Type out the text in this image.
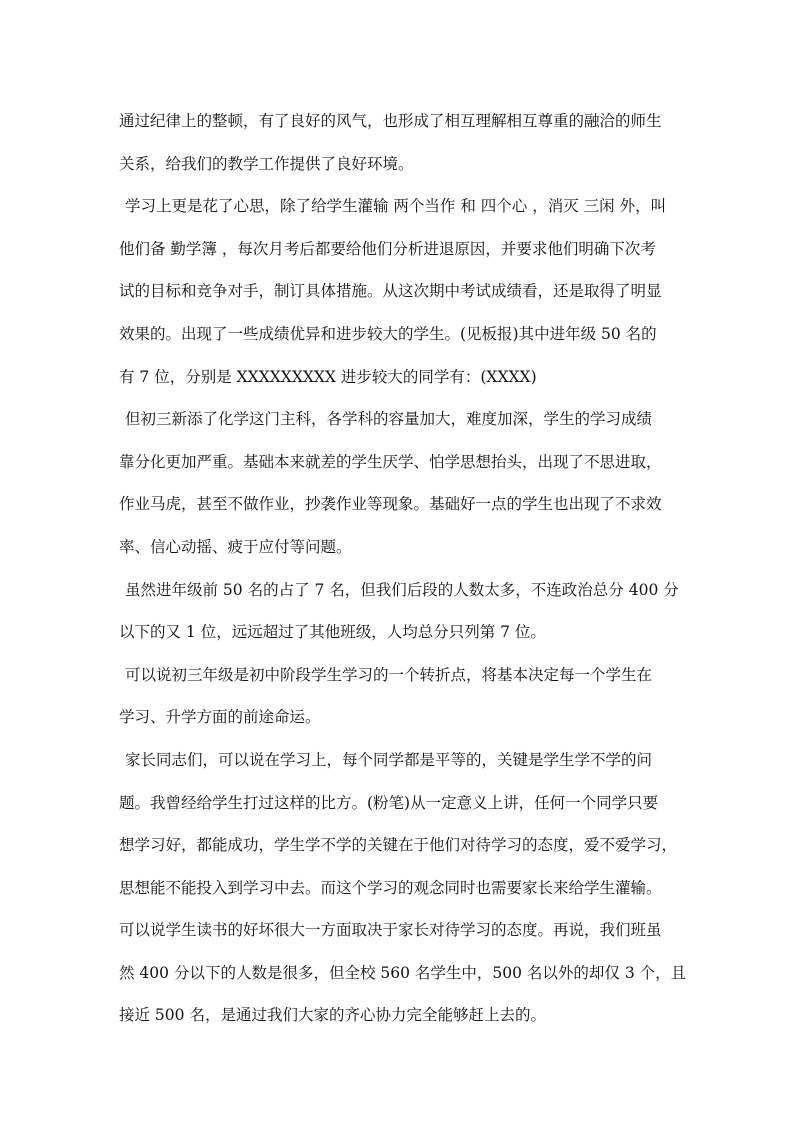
通过纪律上的整顿，有了良好的风气，也形成了相互理解相互尊重的融洽的师生
关系，给我们的教学工作提供了良好环境。
学习上更是花了心思，除了给学生灌输 两个当作 和 四个心 ，消灭 三闲 外，叫
他们备 勤学簿 ，每次月考后都要给他们分析进退原因，并要求他们明确下次考
试的目标和竞争对手，制订具体措施。从这次期中考试成绩看，还是取得了明显
效果的。出现了一些成绩优异和进步较大的学生。(见板报)其中进年级 50 名的
有 7 位，分别是 XXXXXXXXX 进步较大的同学有：(XXXX)
但初三新添了化学这门主科，各学科的容量加大，难度加深，学生的学习成绩
靠分化更加严重。基础本来就差的学生厌学、怕学思想抬头，出现了不思进取，
作业马虎，甚至不做作业，抄袭作业等现象。基础好一点的学生也出现了不求效
率、信心动摇、疲于应付等问题。
虽然进年级前 50 名的占了 7 名，但我们后段的人数太多，不连政治总分 400 分
以下的又 1 位，远远超过了其他班级，人均总分只列第 7 位。
可以说初三年级是初中阶段学生学习的一个转折点，将基本决定每一个学生在
学习、升学方面的前途命运。
家长同志们，可以说在学习上，每个同学都是平等的，关键是学生学不学的问
题。我曾经给学生打过这样的比方。(粉笔)从一定意义上讲，任何一个同学只要
想学习好，都能成功，学生学不学的关键在于他们对待学习的态度，爱不爱学习，
思想能不能投入到学习中去。而这个学习的观念同时也需要家长来给学生灌输。
可以说学生读书的好坏很大一方面取决于家长对待学习的态度。再说，我们班虽
然 400 分以下的人数是很多，但全校 560 名学生中，500 名以外的却仅 3 个，且
接近 500 名，是通过我们大家的齐心协力完全能够赶上去的。
